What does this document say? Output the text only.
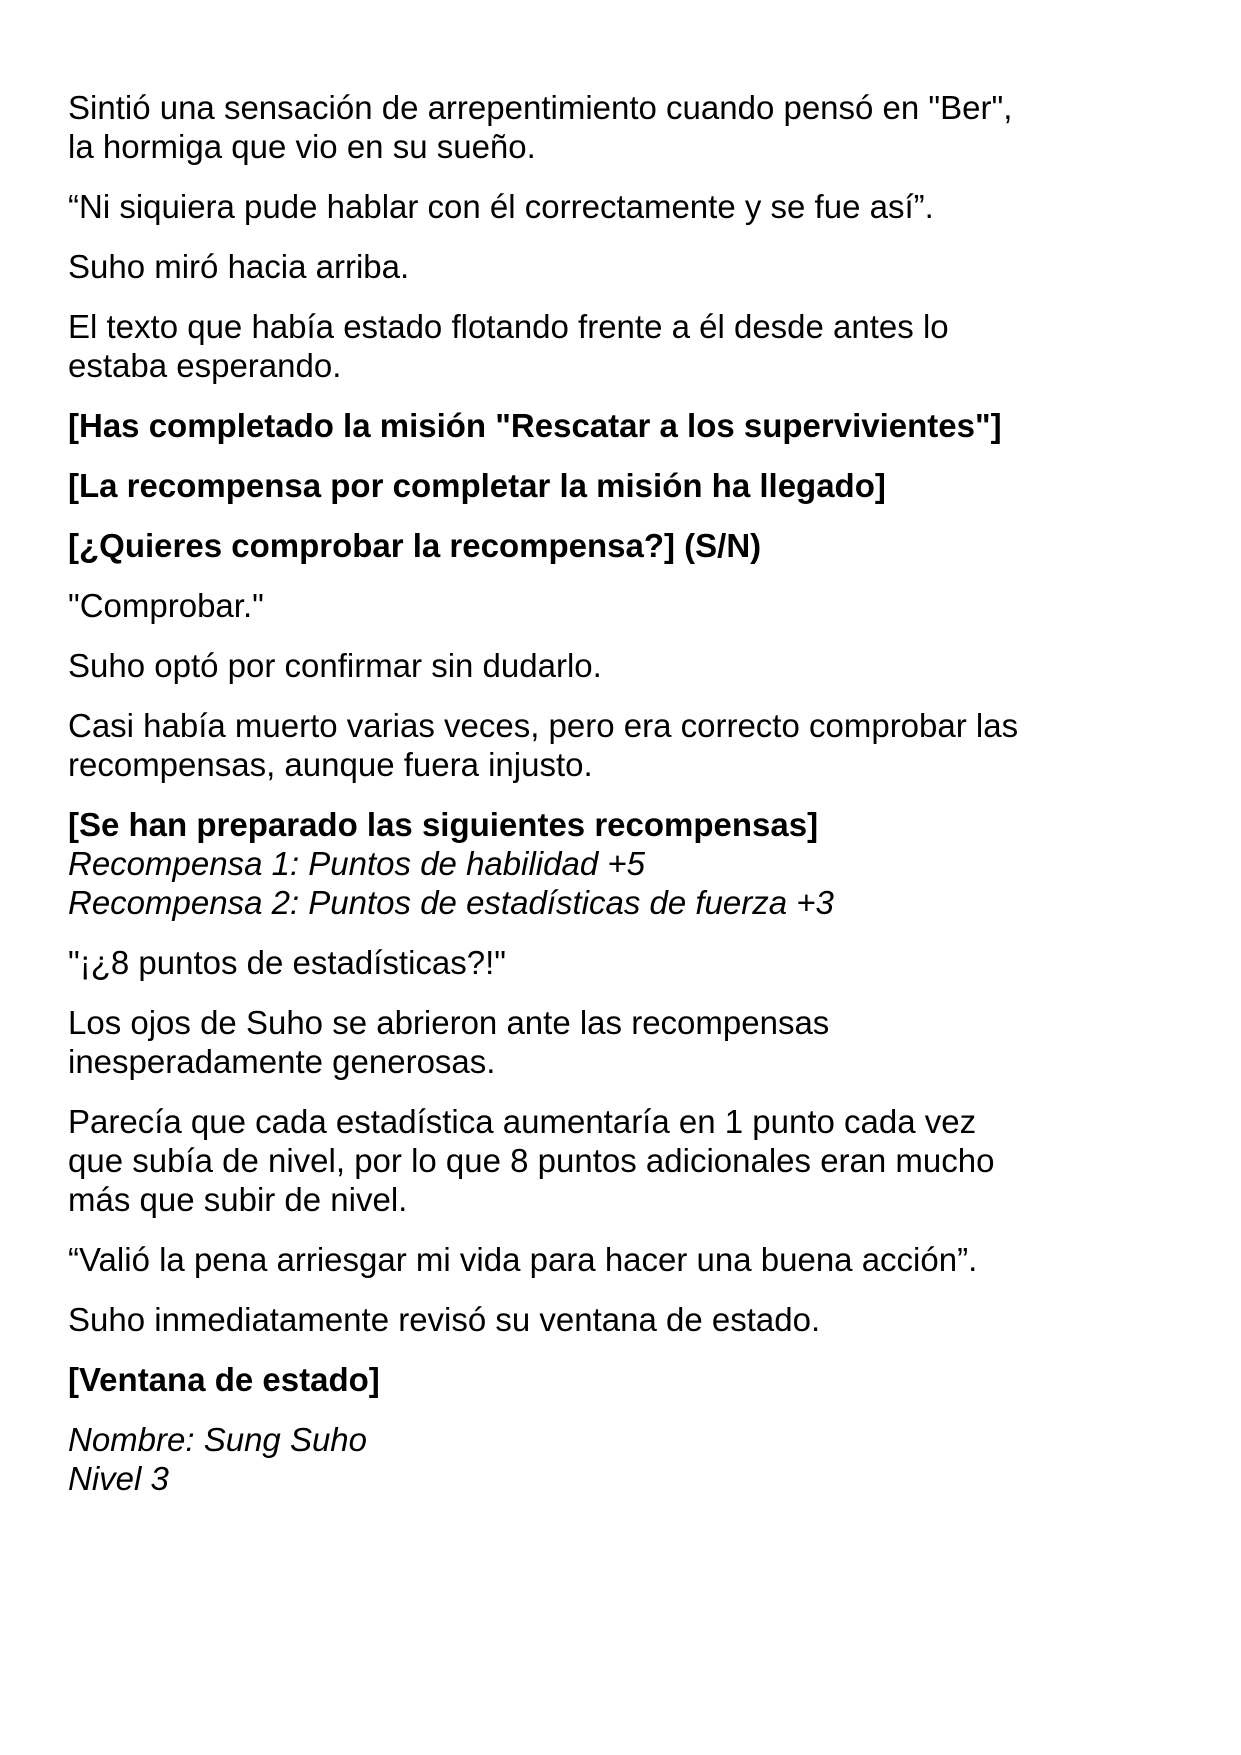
Sintió una sensación de arrepentimiento cuando pensó en "Ber",
la hormiga que vio en su sueño.
“Ni siquiera pude hablar con él correctamente y se fue así”.
Suho miró hacia arriba.
El texto que había estado flotando frente a él desde antes lo
estaba esperando.
[Has completado la misión "Rescatar a los supervivientes"]
[La recompensa por completar la misión ha llegado]
[¿Quieres comprobar la recompensa?] (S/N)
"Comprobar."
Suho optó por confirmar sin dudarlo.
Casi había muerto varias veces, pero era correcto comprobar las
recompensas, aunque fuera injusto.
[Se han preparado las siguientes recompensas]
Recompensa 1: Puntos de habilidad +5
Recompensa 2: Puntos de estadísticas de fuerza +3
"¡¿8 puntos de estadísticas?!"
Los ojos de Suho se abrieron ante las recompensas
inesperadamente generosas.
Parecía que cada estadística aumentaría en 1 punto cada vez
que subía de nivel, por lo que 8 puntos adicionales eran mucho
más que subir de nivel.
“Valió la pena arriesgar mi vida para hacer una buena acción”.
Suho inmediatamente revisó su ventana de estado.
[Ventana de estado]
Nombre: Sung Suho
Nivel 3
